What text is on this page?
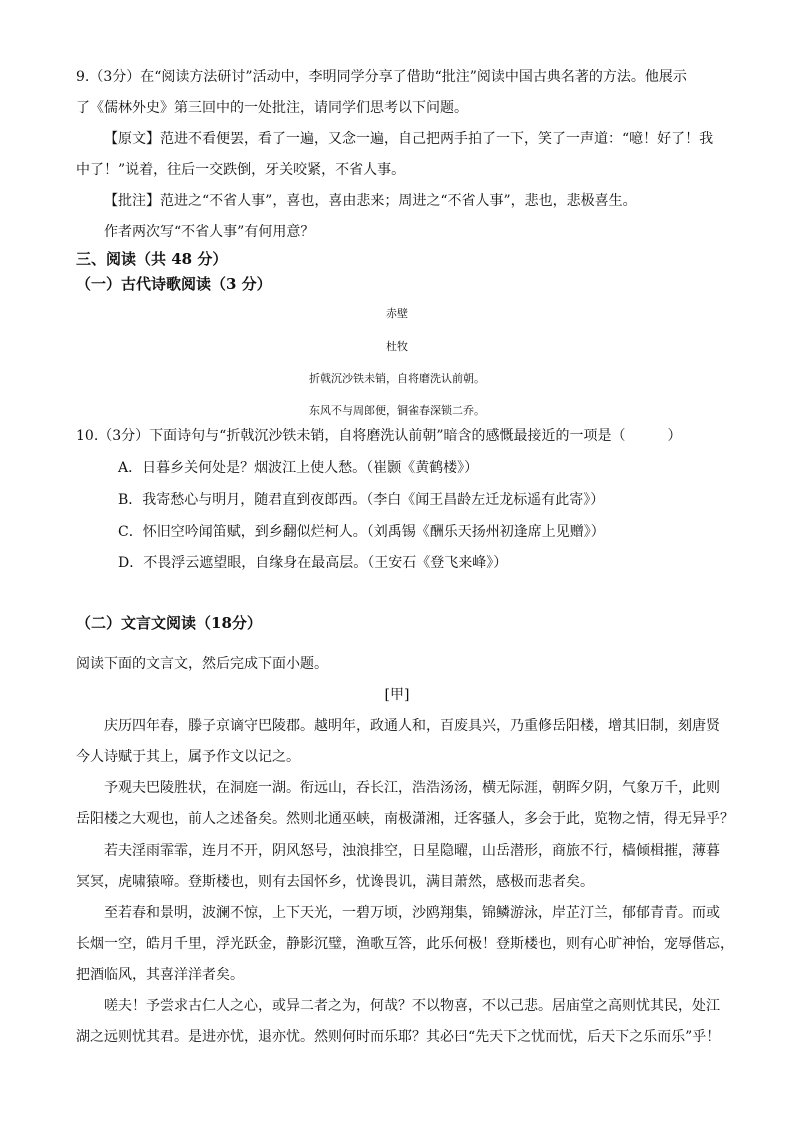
9.（3分）在“阅读方法研讨”活动中，李明同学分享了借助“批注”阅读中国古典名著的方法。他展示

了《儒林外史》第三回中的一处批注，请同学们思考以下问题。

【原文】范进不看便罢，看了一遍，又念一遍，自己把两手拍了一下，笑了一声道：“噫！好了！我

中了！”说着，往后一交跌倒，牙关咬紧，不省人事。

【批注】范进之“不省人事”，喜也，喜由悲来；周进之“不省人事”，悲也，悲极喜生。

作者两次写“不省人事”有何用意？

三、阅读（共 48 分）

（一）古代诗歌阅读（3 分）

赤壁

杜牧

折戟沉沙铁未销，自将磨洗认前朝。

东风不与周郎便，铜雀春深锁二乔。

10.（3分）下面诗句与“折戟沉沙铁未销，自将磨洗认前朝”暗含的感慨最接近的一项是（　　　）

A．日暮乡关何处是？烟波江上使人愁。（崔颢《黄鹤楼》）

B．我寄愁心与明月，随君直到夜郎西。（李白《闻王昌龄左迁龙标遥有此寄》）

C．怀旧空吟闻笛赋，到乡翻似烂柯人。（刘禹锡《酬乐天扬州初逢席上见赠》）

D．不畏浮云遮望眼，自缘身在最高层。（王安石《登飞来峰》）

（二）文言文阅读（18分）

阅读下面的文言文，然后完成下面小题。

[甲]

庆历四年春，滕子京谪守巴陵郡。越明年，政通人和，百废具兴，乃重修岳阳楼，增其旧制，刻唐贤

今人诗赋于其上，属予作文以记之。

予观夫巴陵胜状，在洞庭一湖。衔远山，吞长江，浩浩汤汤，横无际涯，朝晖夕阴，气象万千，此则

岳阳楼之大观也，前人之述备矣。然则北通巫峡，南极潇湘，迁客骚人，多会于此，览物之情，得无异乎？

若夫淫雨霏霏，连月不开，阴风怒号，浊浪排空，日星隐曜，山岳潜形，商旅不行，樯倾楫摧，薄暮

冥冥，虎啸猿啼。登斯楼也，则有去国怀乡，忧谗畏讥，满目萧然，感极而悲者矣。

至若春和景明，波澜不惊，上下天光，一碧万顷，沙鸥翔集，锦鳞游泳，岸芷汀兰，郁郁青青。而或

长烟一空，皓月千里，浮光跃金，静影沉璧，渔歌互答，此乐何极！登斯楼也，则有心旷神怡，宠辱偕忘，

把酒临风，其喜洋洋者矣。

嗟夫！予尝求古仁人之心，或异二者之为，何哉？不以物喜，不以己悲。居庙堂之高则忧其民，处江

湖之远则忧其君。是进亦忧，退亦忧。然则何时而乐耶？其必曰“先天下之忧而忧，后天下之乐而乐”乎！
